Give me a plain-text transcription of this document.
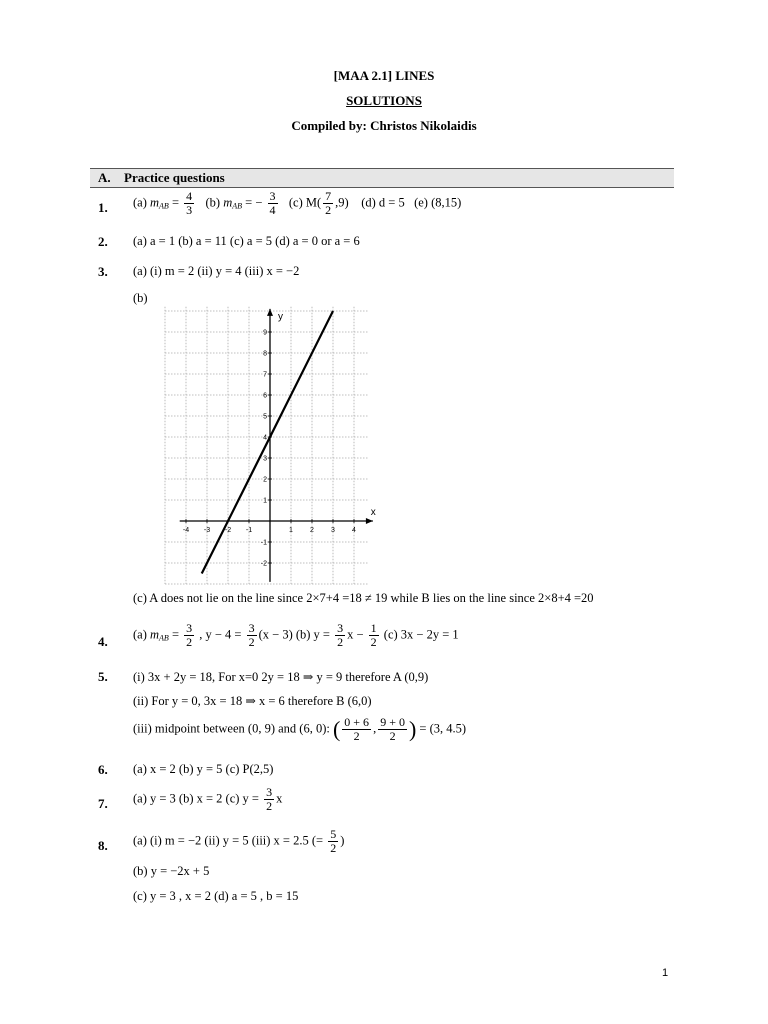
[MAA 2.1] LINES
SOLUTIONS
Compiled by: Christos Nikolaidis
A. Practice questions
1. (a) $m_{AB} = \frac{4}{3} (b) m_{AB}$ = − $\frac{3}{4} (c)$ $M( \frac{7}{2} ,9)$ (d) d = 5 (e) (8,15)
2. (a) a = 1 (b) a = 11 (c) a = 5 (d) a = 0 or a = 6
3. (a) (i) m = 2 (ii) y = 4 (iii) x = −2
(b)
x
y
-4 -3 -2 -1	1 2 3 4
-2
-1
1
2
3
4
5
6
7
8
9
(c) A does not lie on the line since 2×7+4 =18 ≠ 19 while B lies on the line since 2×8+4 =20
4. (a) $m_{AB} = \frac{3}{2}$ , $y - 4 = \frac{3}{2} (x - 3)$ (b) $y = \frac{3}{2}$ $x - \frac{1}{2} (c) 3x - 2y = 1$
5. (i) 3x + 2y = 18, For x=0 2y = 18 ⇒ y = 9 therefore A (0,9)
(ii) For y = 0, 3x = 18 ⇒ x = 6 therefore B (6,0)
(iii) midpoint between (0, 9) and (6, 0): ( $\frac{0 + 6}{2}$ , $\frac{9 + 0}{2}$ ) = (3, 4.5)
6. (a) x = 2 (b) y = 5 (c) P(2,5)
7. (a) y = 3 (b) x = 2 (c) $y = \frac{3}{2}$ x
8. (a) (i) m = −2 (ii) y = 5 (iii) x = 2.5 (= $\frac{5}{2}$ )
(b) y = −2x + 5
(c) y = 3 , x = 2 (d) a = 5 , b = 15
1
